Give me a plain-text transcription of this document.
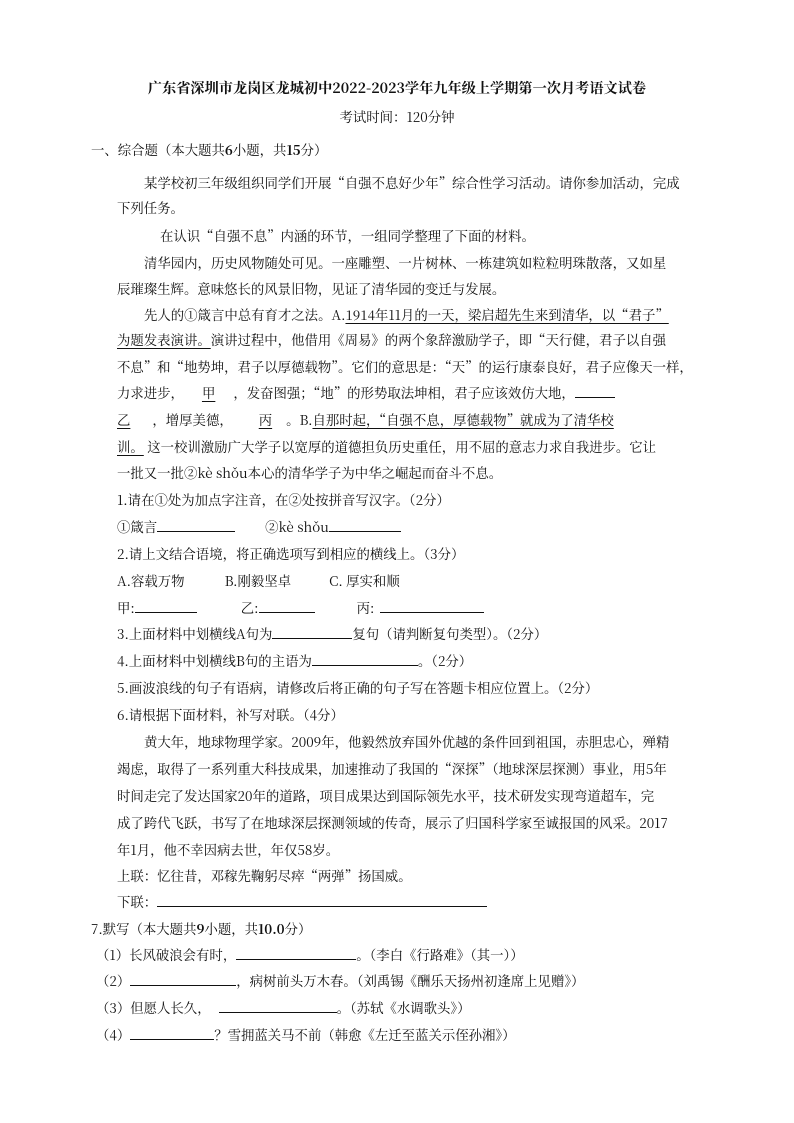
广东省深圳市龙岗区龙城初中2022-2023学年九年级上学期第一次月考语文试卷
考试时间：120分钟
一、综合题（本大题共6小题，共15分）
某学校初三年级组织同学们开展“自强不息好少年”综合性学习活动。请你参加活动，完成
下列任务。
在认识“自强不息”内涵的环节，一组同学整理了下面的材料。
清华园内，历史风物随处可见。一座雕塑、一片树林、一栋建筑如粒粒明珠散落，又如星
辰璀璨生辉。意味悠长的风景旧物，见证了清华园的变迁与发展。
先人的①箴言中总有育才之法。A.1914年11月的一天，梁启超先生来到清华，以“君子”
为题发表演讲。演讲过程中，他借用《周易》的两个象辞激励学子，即“天行健，君子以自强
不息”和“地势坤，君子以厚德载物”。它们的意思是：“天”的运行康泰良好，君子应像天一样，
力求进步， 甲 ，发奋图强；“地”的形势取法坤相，君子应该效仿大地，
乙 ，增厚美德， 丙 。B.自那时起，“自强不息，厚德载物”就成为了清华校
训。 这一校训激励广大学子以宽厚的道德担负历史重任，用不屈的意志力求自我进步。它让
一批又一批②kè shǒu本心的清华学子为中华之崛起而奋斗不息。
1.请在①处为加点字注音，在②处按拼音写汉字。（2分）
①箴言	②kè shǒu
2.请上文结合语境，将正确选项写到相应的横线上。（3分）
A.容载万物	B.刚毅坚卓	C. 厚实和顺
甲:	乙:	丙:
3.上面材料中划横线A句为	复句（请判断复句类型）。（2分）
4.上面材料中划横线B句的主语为	。（2分）
5.画波浪线的句子有语病，请修改后将正确的句子写在答题卡相应位置上。（2分）
6.请根据下面材料，补写对联。（4分）
黄大年，地球物理学家。2009年，他毅然放弃国外优越的条件回到祖国，赤胆忠心，殚精
竭虑，取得了一系列重大科技成果，加速推动了我国的“深探”（地球深层探测）事业，用5年
时间走完了发达国家20年的道路，项目成果达到国际领先水平，技术研发实现弯道超车，完
成了跨代飞跃，书写了在地球深层探测领域的传奇，展示了归国科学家至诚报国的风采。2017
年1月，他不幸因病去世，年仅58岁。
上联：忆往昔，邓稼先鞠躬尽瘁“两弹”扬国威。
下联：
7.默写（本大题共9小题，共10.0分）
（1）长风破浪会有时，	。（李白《行路难》（其一））
（2）	，病树前头万木春。（刘禹锡《酬乐天扬州初逢席上见赠》）
（3）但愿人长久，	。（苏轼《水调歌头》）
（4）	？雪拥蓝关马不前（韩愈《左迁至蓝关示侄孙湘》）
